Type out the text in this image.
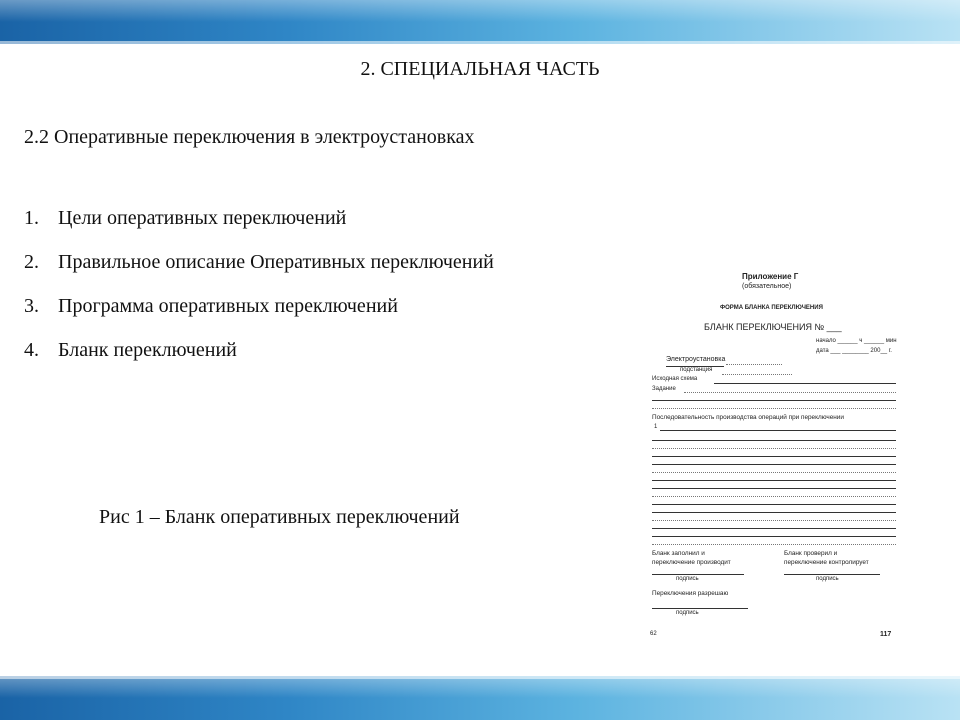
2. СПЕЦИАЛЬНАЯ ЧАСТЬ
2.2 Оперативные переключения в электроустановках
1. Цели оперативных переключений
2. Правильное описание Оперативных переключений
3. Программа оперативных переключений
4. Бланк переключений
Рис 1 – Бланк оперативных переключений
Приложение Г
(обязательное)
ФОРМА БЛАНКА ПЕРЕКЛЮЧЕНИЯ
БЛАНК ПЕРЕКЛЮЧЕНИЯ № ___
начало ______ ч ______ мин
дата ___ ________ 200__ г.
Электроустановка
подстанция
Исходная схема
Задание
Последовательность производства операций при переключении
1
Бланк заполнил и
переключение производит
Бланк проверил и
переключение контролирует
подпись	подпись
Переключения разрешаю
подпись
62	117
